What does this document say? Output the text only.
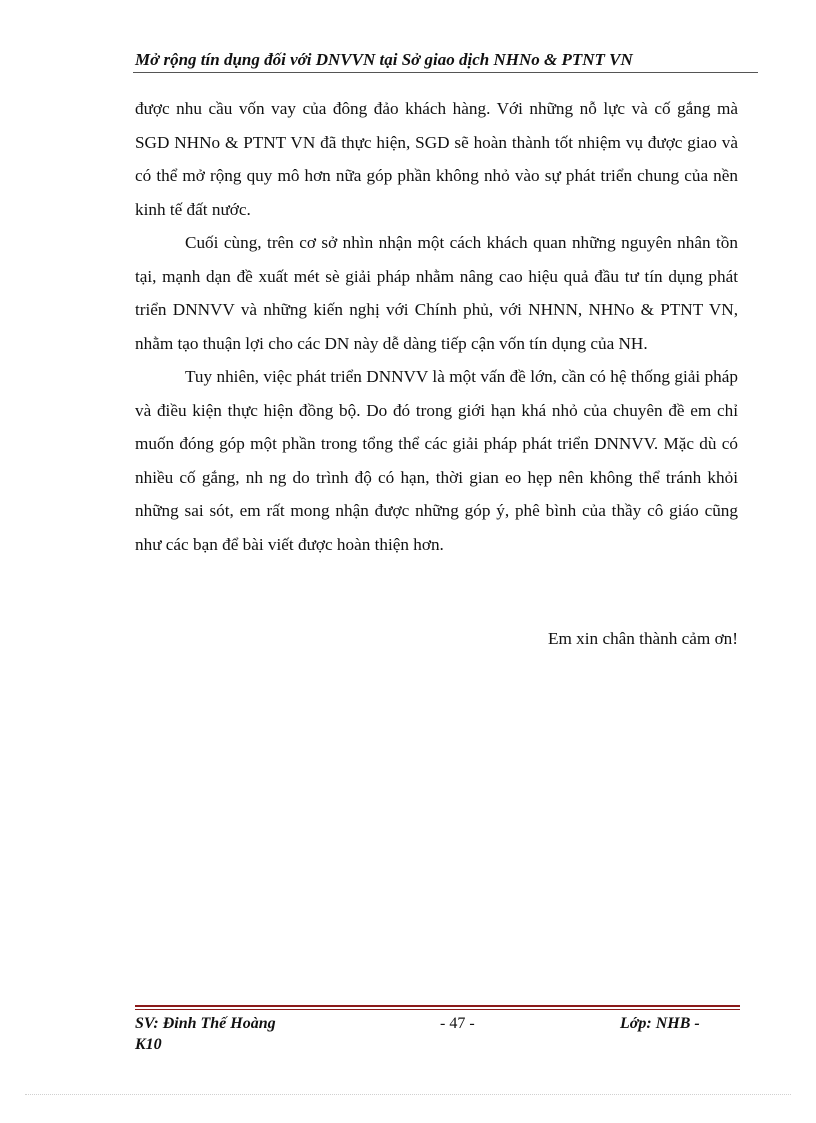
Mở rộng tín dụng đối với DNVVN tại Sở giao dịch NHNo & PTNT VN

được nhu cầu vốn vay của đông đảo khách hàng. Với những nỗ lực và cố gắng mà SGD NHNo & PTNT VN đã thực hiện, SGD sẽ hoàn thành tốt nhiệm vụ được giao và có thể mở rộng quy mô hơn nữa góp phần không nhỏ vào sự phát triển chung của nền kinh tế đất nước.

Cuối cùng, trên cơ sở nhìn nhận một cách khách quan những nguyên nhân tồn tại, mạnh dạn đề xuất mét sè giải pháp nhằm nâng cao hiệu quả đầu tư tín dụng phát triển DNNVV và những kiến nghị với Chính phủ, với NHNN, NHNo & PTNT VN, nhằm tạo thuận lợi cho các DN này dễ dàng tiếp cận vốn tín dụng của NH.

Tuy nhiên, việc phát triển DNNVV là một vấn đề lớn, cần có hệ thống giải pháp và điều kiện thực hiện đồng bộ. Do đó trong giới hạn khá nhỏ của chuyên đề em chỉ muốn đóng góp một phần trong tổng thể các giải pháp phát triển DNNVV. Mặc dù có nhiều cố gắng, nh ng do trình độ có hạn, thời gian eo hẹp nên không thể tránh khỏi những sai sót, em rất mong nhận được những góp ý, phê bình của thầy cô giáo cũng như các bạn để bài viết được hoàn thiện hơn.

Em xin chân thành cảm ơn!
SV: Đinh Thế Hoàng	- 47 -	Lớp: NHB -
K10
